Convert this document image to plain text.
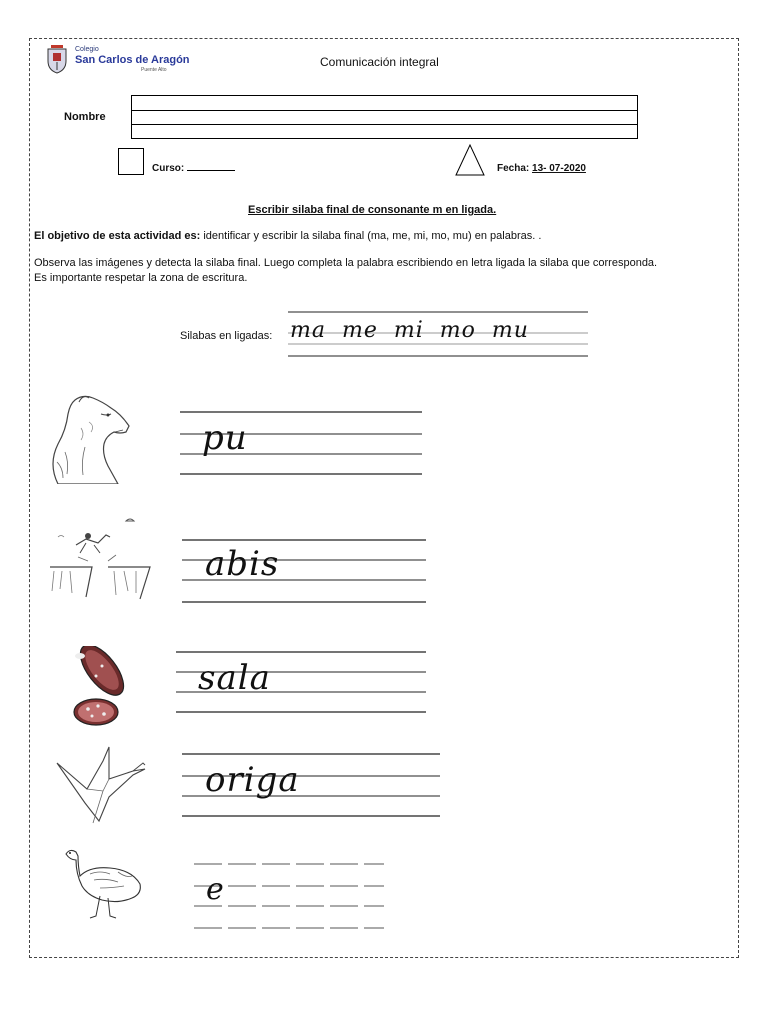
Colegio
San Carlos de Aragón
Puente Alto
Comunicación integral
Nombre
Curso:	Fecha: 13- 07-2020
Escribir silaba final de consonante m en ligada.
El objetivo de esta actividad es: identificar y escribir la silaba final (ma, me, mi, mo, mu) en palabras. .
Observa las imágenes y detecta la silaba final. Luego completa la palabra escribiendo en letra ligada la silaba que corresponda.
Es importante respetar la zona de escritura.
Silabas en ligadas: ma me mi mo mu
pu
abis
sala
origa
e
